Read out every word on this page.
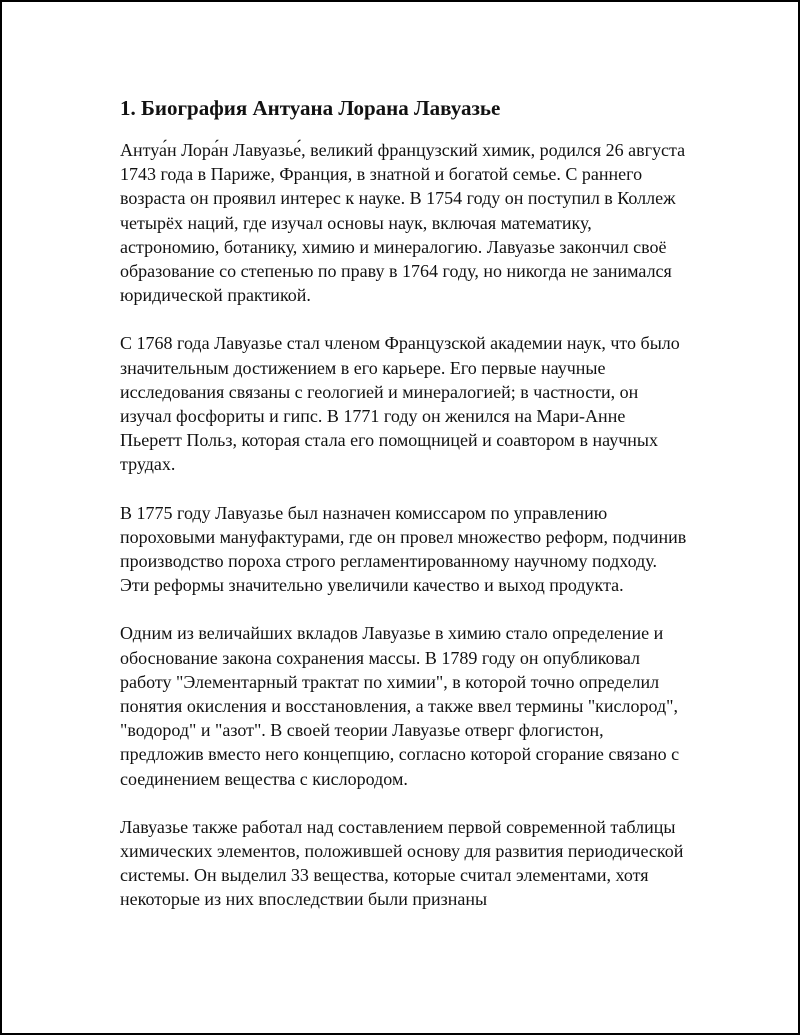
1. Биография Антуана Лорана Лавуазье

Антуа́н Лора́н Лавуазье́, великий французский химик, родился 26 августа 1743 года в Париже, Франция, в знатной и богатой семье. С раннего возраста он проявил интерес к науке. В 1754 году он поступил в Коллеж четырёх наций, где изучал основы наук, включая математику, астрономию, ботанику, химию и минералогию. Лавуазье закончил своё образование со степенью по праву в 1764 году, но никогда не занимался юридической практикой.

С 1768 года Лавуазье стал членом Французской академии наук, что было значительным достижением в его карьере. Его первые научные исследования связаны с геологией и минералогией; в частности, он изучал фосфориты и гипс. В 1771 году он женился на Мари-Анне Пьеретт Польз, которая стала его помощницей и соавтором в научных трудах.

В 1775 году Лавуазье был назначен комиссаром по управлению пороховыми мануфактурами, где он провел множество реформ, подчинив производство пороха строго регламентированному научному подходу. Эти реформы значительно увеличили качество и выход продукта.

Одним из величайших вкладов Лавуазье в химию стало определение и обоснование закона сохранения массы. В 1789 году он опубликовал работу "Элементарный трактат по химии", в которой точно определил понятия окисления и восстановления, а также ввел термины "кислород", "водород" и "азот". В своей теории Лавуазье отверг флогистон, предложив вместо него концепцию, согласно которой сгорание связано с соединением вещества с кислородом.

Лавуазье также работал над составлением первой современной таблицы химических элементов, положившей основу для развития периодической системы. Он выделил 33 вещества, которые считал элементами, хотя некоторые из них впоследствии были признаны
